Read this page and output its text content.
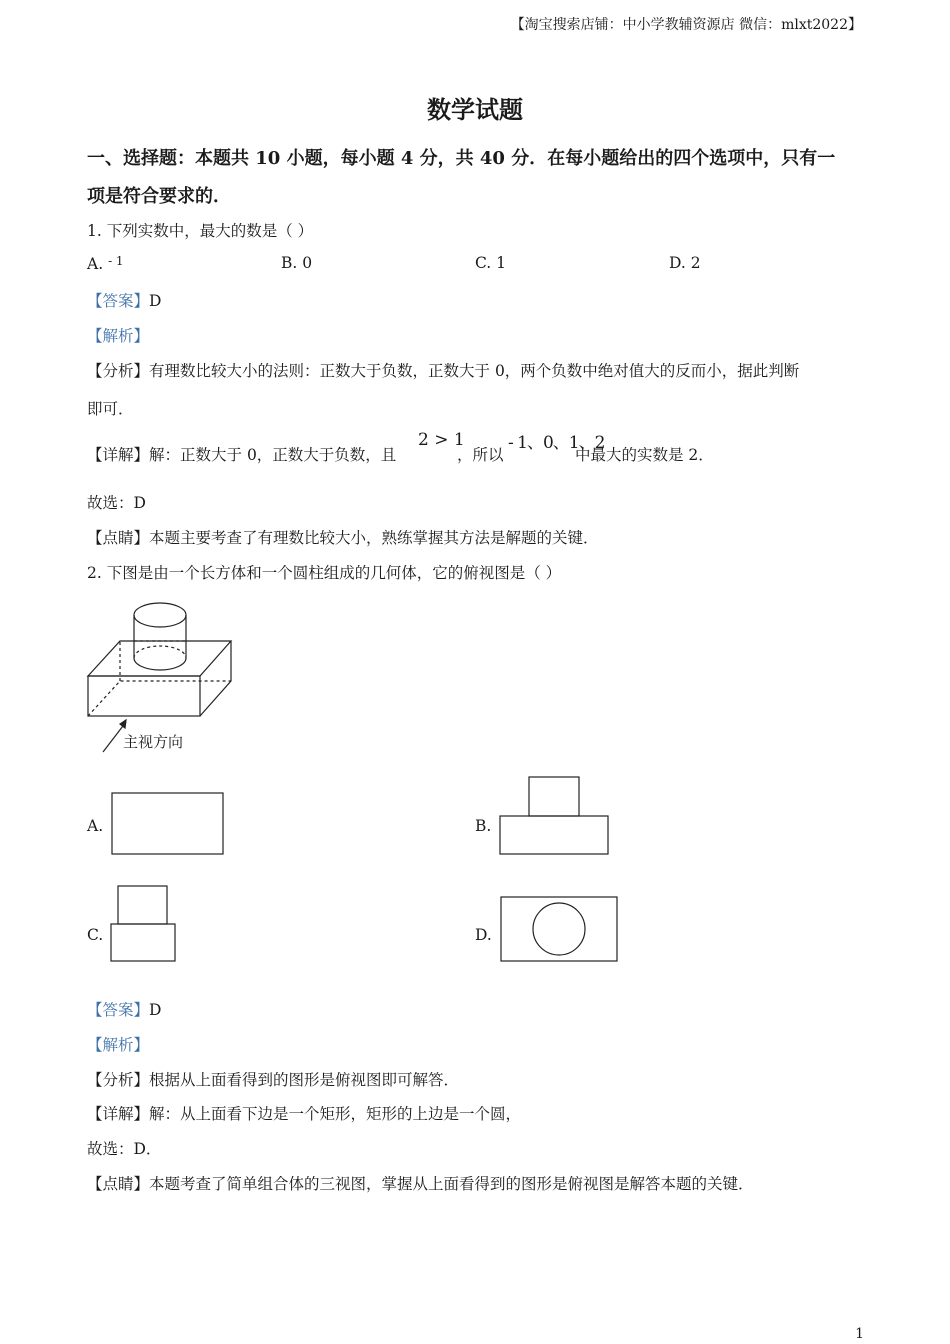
【淘宝搜索店铺：中小学教辅资源店 微信：mlxt2022】
数学试题
一、选择题：本题共 10 小题，每小题 4 分，共 40 分．在每小题给出的四个选项中，只有一
项是符合要求的．
1. 下列实数中，最大的数是（ ）
A. $^{- 1}$	B. 0	C. 1	D. 2
【答案】D
【解析】
【分析】有理数比较大小的法则：正数大于负数，正数大于 0，两个负数中绝对值大的反而小，据此判断
即可．
【详解】解：正数大于 0，正数大于负数，且
2 > 1
，所以
- 1、0、1、2
中最大的实数是 2．
故选：D
【点睛】本题主要考查了有理数比较大小，熟练掌握其方法是解题的关键．
2. 下图是由一个长方体和一个圆柱组成的几何体，它的俯视图是（ ）
主视方向
A.	B.
C.	D.
【答案】D
【解析】
【分析】根据从上面看得到的图形是俯视图即可解答．
【详解】解：从上面看下边是一个矩形，矩形的上边是一个圆，
故选：D．
【点睛】本题考查了简单组合体的三视图，掌握从上面看得到的图形是俯视图是解答本题的关键．
1
